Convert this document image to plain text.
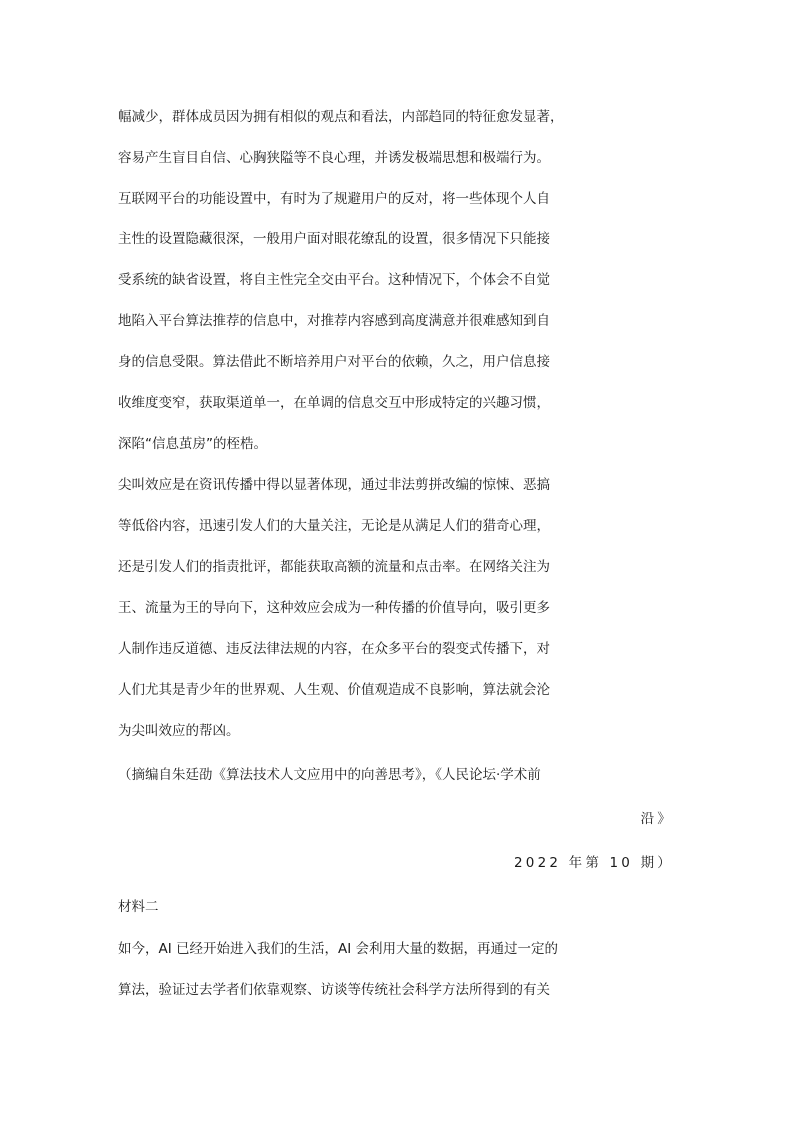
幅减少，群体成员因为拥有相似的观点和看法，内部趋同的特征愈发显著，
容易产生盲目自信、心胸狭隘等不良心理，并诱发极端思想和极端行为。
互联网平台的功能设置中，有时为了规避用户的反对，将一些体现个人自
主性的设置隐藏很深，一般用户面对眼花缭乱的设置，很多情况下只能接
受系统的缺省设置，将自主性完全交由平台。这种情况下，个体会不自觉
地陷入平台算法推荐的信息中，对推荐内容感到高度满意并很难感知到自
身的信息受限。算法借此不断培养用户对平台的依赖，久之，用户信息接
收维度变窄，获取渠道单一，在单调的信息交互中形成特定的兴趣习惯，
深陷“信息茧房”的桎梏。
尖叫效应是在资讯传播中得以显著体现，通过非法剪拼改编的惊悚、恶搞
等低俗内容，迅速引发人们的大量关注，无论是从满足人们的猎奇心理，
还是引发人们的指责批评，都能获取高额的流量和点击率。在网络关注为
王、流量为王的导向下，这种效应会成为一种传播的价值导向，吸引更多
人制作违反道德、违反法律法规的内容，在众多平台的裂变式传播下，对
人们尤其是青少年的世界观、人生观、价值观造成不良影响，算法就会沦
为尖叫效应的帮凶。
（摘编自朱廷劭《算法技术人文应用中的向善思考》，《人民论坛·学术前
沿》
2022 年第 10 期）
材料二
如今，AI 已经开始进入我们的生活，AI 会利用大量的数据，再通过一定的
算法，验证过去学者们依靠观察、访谈等传统社会科学方法所得到的有关
